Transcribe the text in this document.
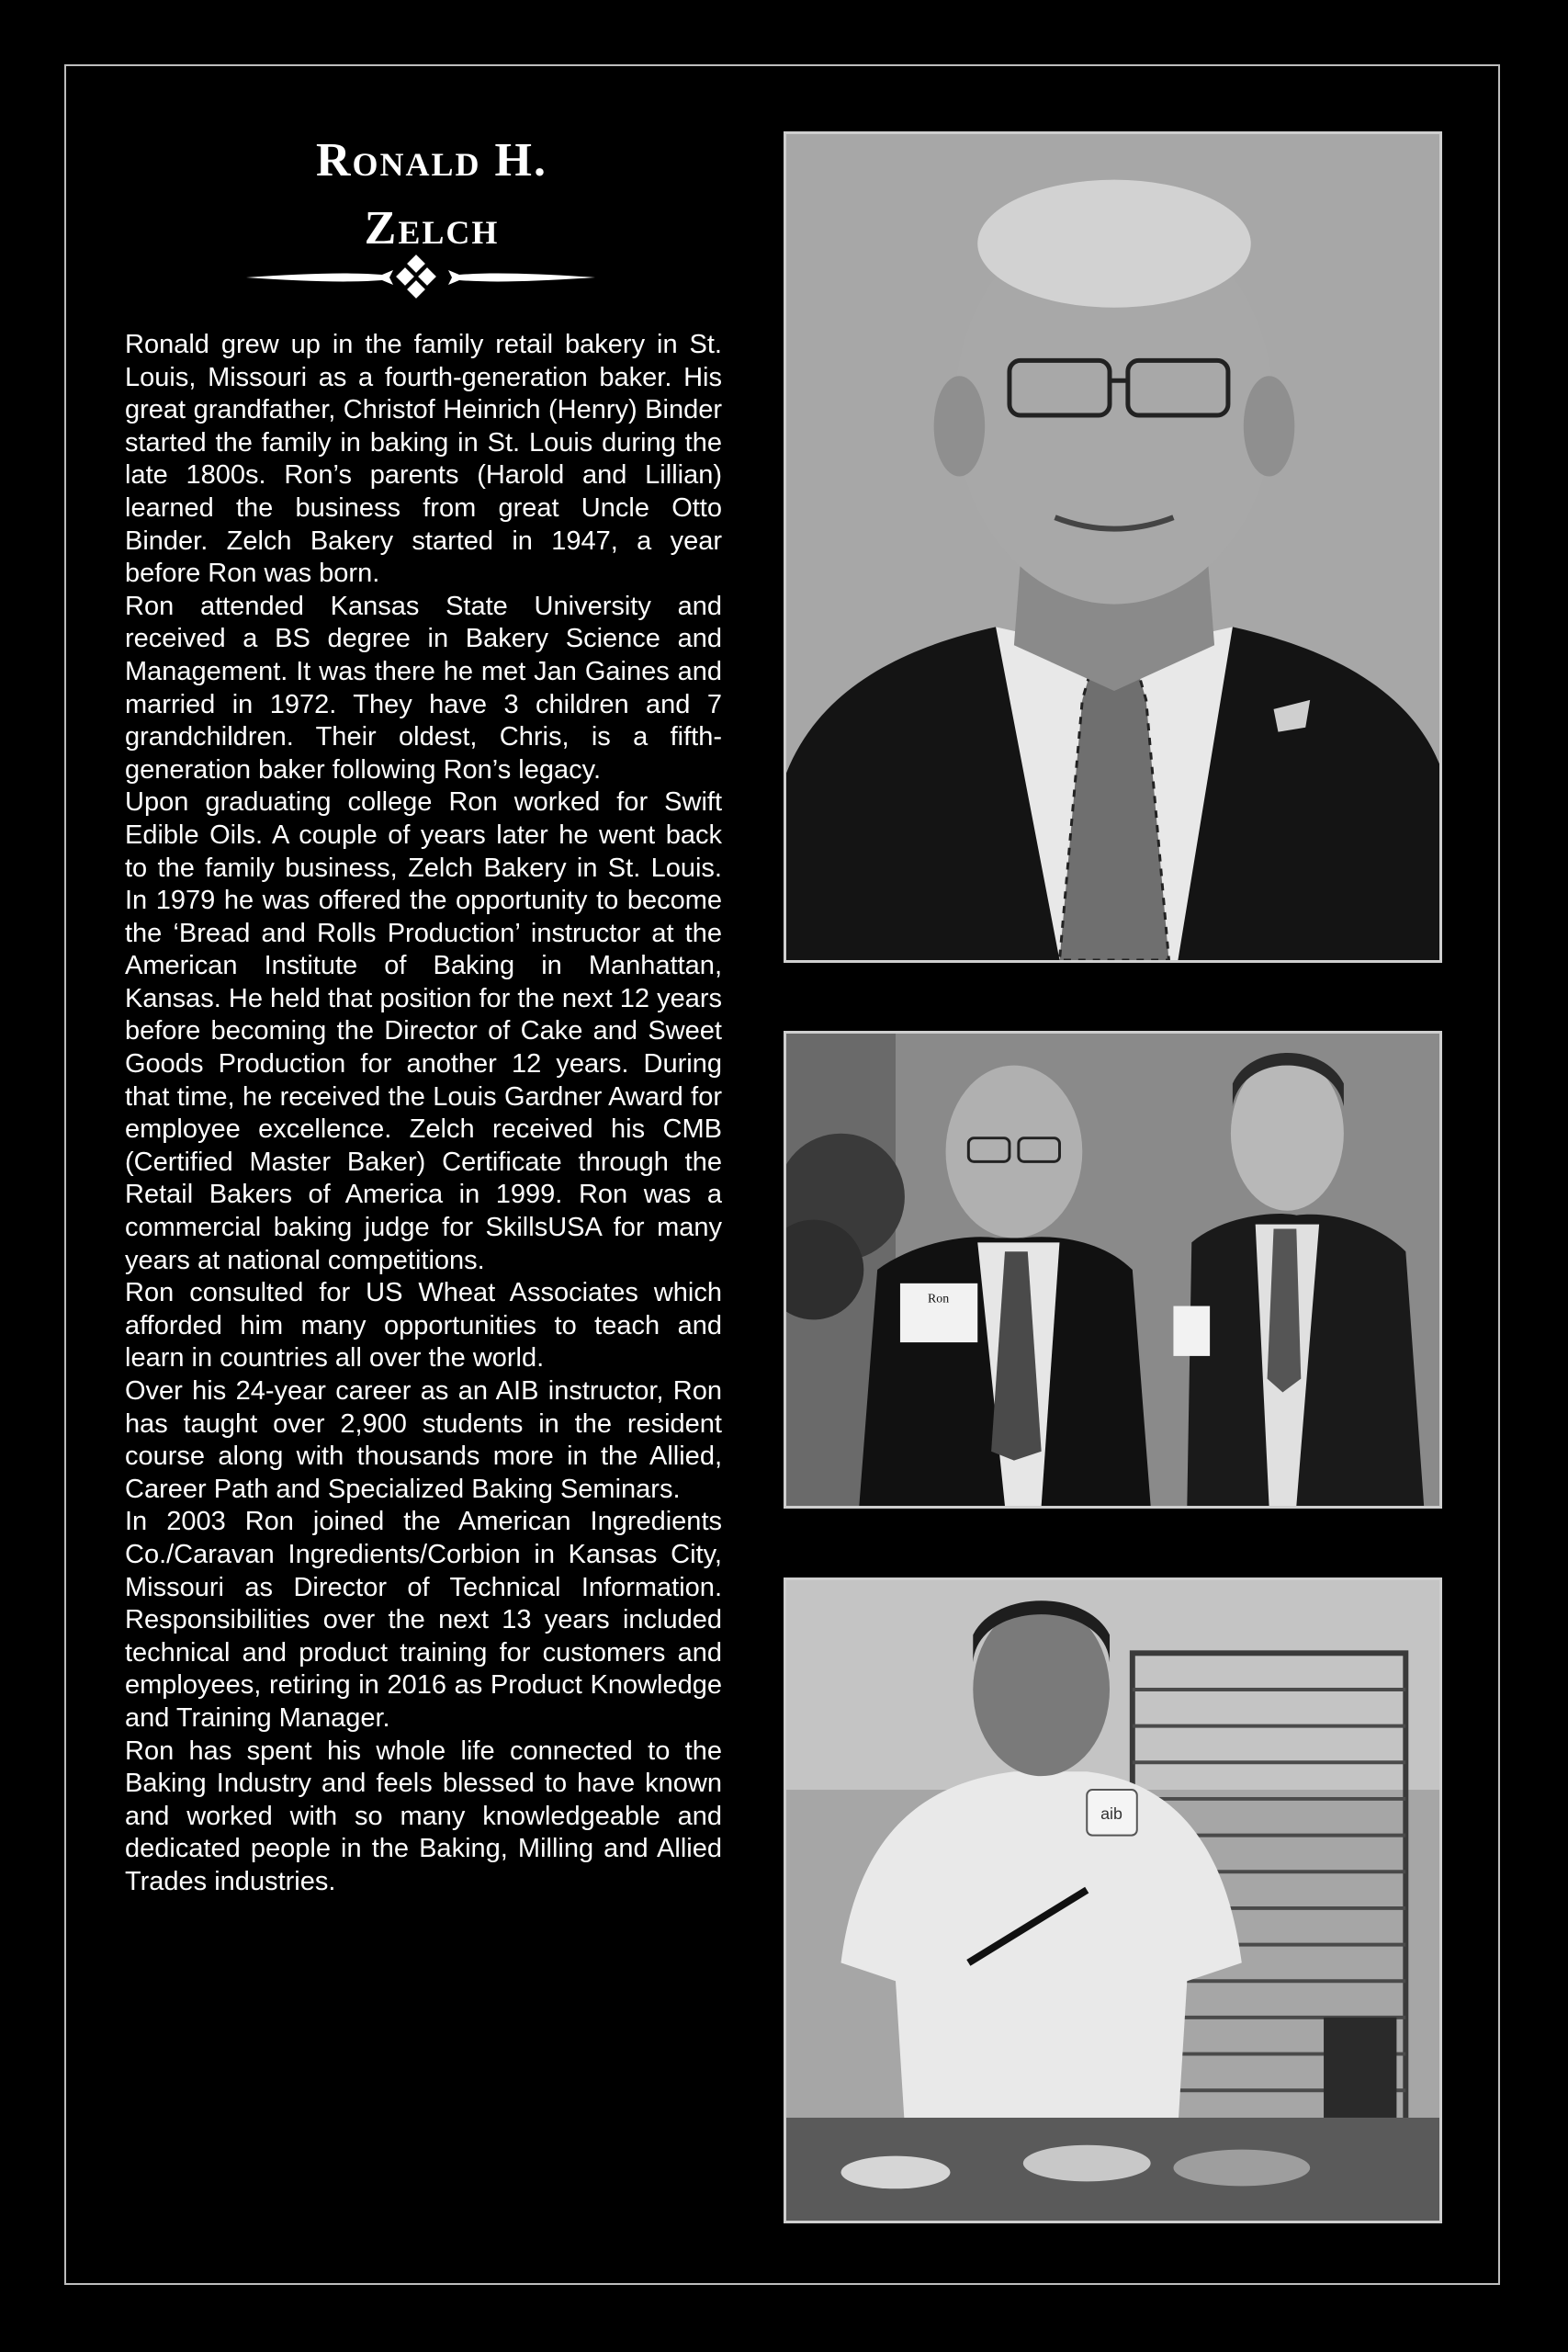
Ronald H.
Zelch

Ronald grew up in the family retail bakery in St. Louis, Missouri as a fourth-generation baker. His great grandfather, Christof Heinrich (Henry) Binder started the family in baking in St. Louis during the late 1800s. Ron’s parents (Harold and Lillian) learned the business from great Uncle Otto Binder. Zelch Bakery started in 1947, a year before Ron was born.

Ron attended Kansas State University and received a BS degree in Bakery Science and Management. It was there he met Jan Gaines and married in 1972. They have 3 children and 7 grandchildren. Their oldest, Chris, is a fifth-generation baker following Ron’s legacy.

Upon graduating college Ron worked for Swift Edible Oils. A couple of years later he went back to the family business, Zelch Bakery in St. Louis. In 1979 he was offered the opportunity to become the ‘Bread and Rolls Production’ instructor at the American Institute of Baking in Manhattan, Kansas. He held that position for the next 12 years before becoming the Director of Cake and Sweet Goods Production for another 12 years. During that time, he received the Louis Gardner Award for employee excellence. Zelch received his CMB (Certified Master Baker) Certificate through the Retail Bakers of America in 1999. Ron was a commercial baking judge for SkillsUSA for many years at national competitions.

Ron consulted for US Wheat Associates which afforded him many opportunities to teach and learn in countries all over the world.

Over his 24-year career as an AIB instructor, Ron has taught over 2,900 students in the resident course along with thousands more in the Allied, Career Path and Specialized Baking Seminars.

In 2003 Ron joined the American Ingredients Co./Caravan Ingredients/Corbion in Kansas City, Missouri as Director of Technical Information. Responsibilities over the next 13 years included technical and product training for customers and employees, retiring in 2016 as Product Knowledge and Training Manager.

Ron has spent his whole life connected to the Baking Industry and feels blessed to have known and worked with so many knowledgeable and dedicated people in the Baking, Milling and Allied Trades industries.

Ron
aib
